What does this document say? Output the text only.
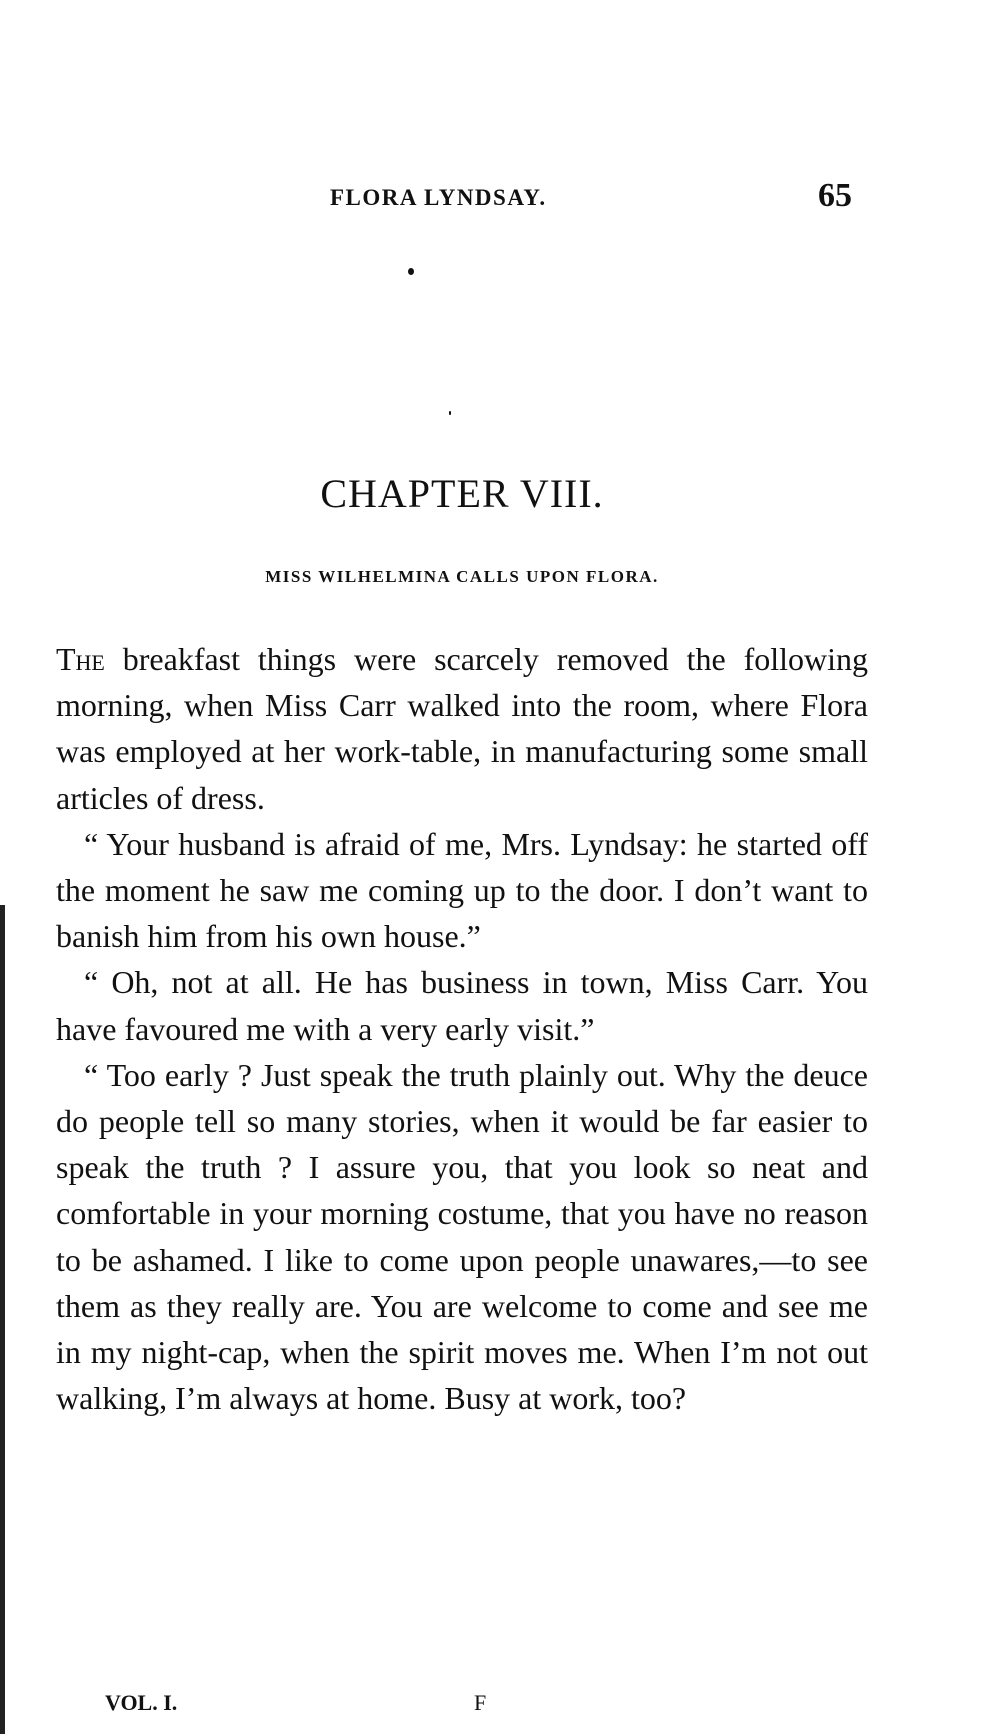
FLORA LYNDSAY.	65
CHAPTER VIII.
MISS WILHELMINA CALLS UPON FLORA.

The breakfast things were scarcely removed the following morning, when Miss Carr walked into the room, where Flora was employed at her work-table, in manufacturing some small articles of dress.

“ Your husband is afraid of me, Mrs. Lyndsay: he started off the moment he saw me coming up to the door. I don’t want to banish him from his own house.”

“ Oh, not at all. He has business in town, Miss Carr. You have favoured me with a very early visit.”

“ Too early ? Just speak the truth plainly out. Why the deuce do people tell so many stories, when it would be far easier to speak the truth ? I assure you, that you look so neat and comfortable in your morning costume, that you have no reason to be ashamed. I like to come upon people unawares,—to see them as they really are. You are welcome to come and see me in my night-cap, when the spirit moves me. When I’m not out walking, I’m always at home. Busy at work, too?

VOL. I.	F
